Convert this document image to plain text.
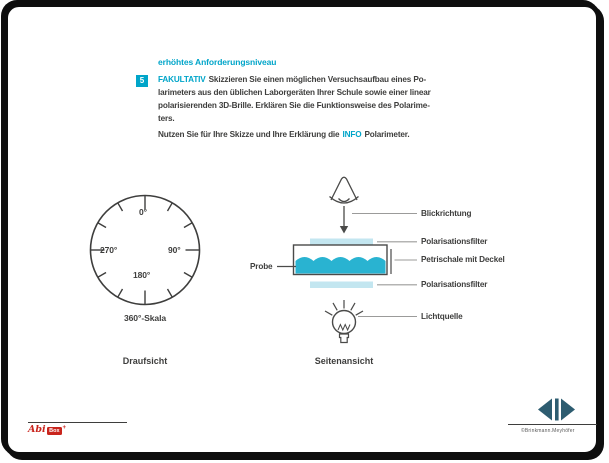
erhöhtes Anforderungsniveau
5	FAKULTATIV Skizzieren Sie einen möglichen Versuchsaufbau eines Po-
larimeters aus den üblichen Laborgeräten Ihrer Schule sowie einer linear
polarisierenden 3D-Brille. Erklären Sie die Funktionsweise des Polarime-
ters.
Nutzen Sie für Ihre Skizze und Ihre Erklärung die INFO Polarimeter.
0°
90°
180°
270°
360°-Skala
Draufsicht
Blickrichtung
Polarisationsfilter
Petrischale mit Deckel
Polarisationsfilter
Lichtquelle
Probe
Seitenansicht
Abi Box +	©Brinkmann.Meyhöfer
